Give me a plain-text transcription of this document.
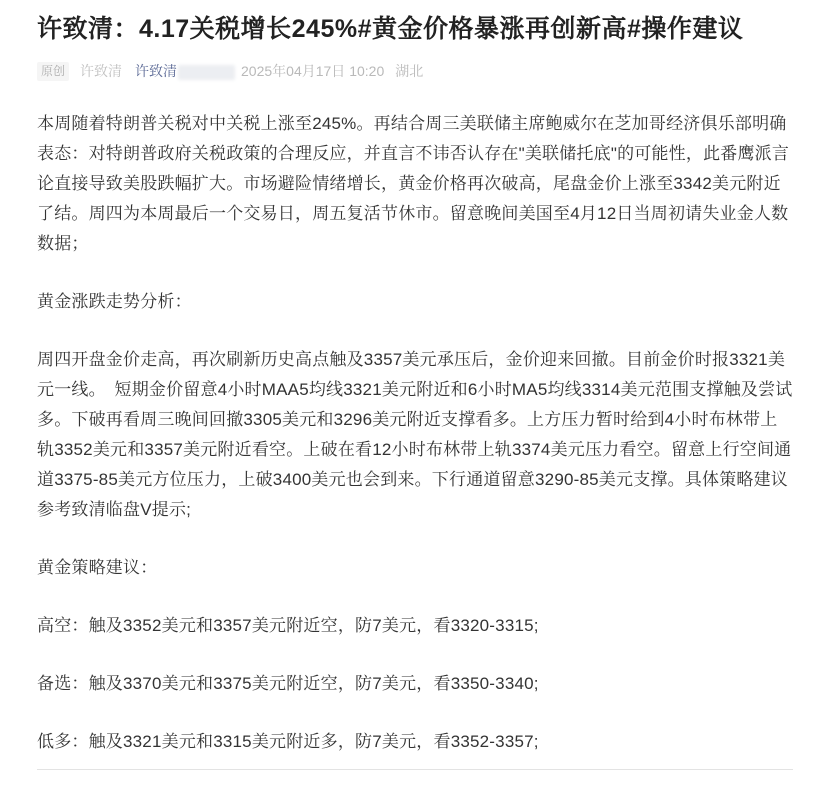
许致清：4.17关税增长245%#黄金价格暴涨再创新高#操作建议
原创 许致清 许致清	2025年04月17日 10:20 湖北

本周随着特朗普关税对中关税上涨至245%。再结合周三美联储主席鲍威尔在芝加哥经济俱乐部明确表态：对特朗普政府关税政策的合理反应，并直言不讳否认存在"美联储托底"的可能性，此番鹰派言论直接导致美股跌幅扩大。市场避险情绪增长，黄金价格再次破高，尾盘金价上涨至3342美元附近了结。周四为本周最后一个交易日，周五复活节休市。留意晚间美国至4月12日当周初请失业金人数数据；

黄金涨跌走势分析：

周四开盘金价走高，再次刷新历史高点触及3357美元承压后，金价迎来回撤。目前金价时报3321美元一线。　短期金价留意4小时MAA5均线3321美元附近和6小时MA5均线3314美元范围支撑触及尝试多。下破再看周三晚间回撤3305美元和3296美元附近支撑看多。上方压力暂时给到4小时布林带上轨3352美元和3357美元附近看空。上破在看12小时布林带上轨3374美元压力看空。留意上行空间通道3375-85美元方位压力，上破3400美元也会到来。下行通道留意3290-85美元支撑。具体策略建议参考致清临盘V提示;

黄金策略建议：

高空：触及3352美元和3357美元附近空，防7美元，看3320-3315;

备选：触及3370美元和3375美元附近空，防7美元，看3350-3340;

低多：触及3321美元和3315美元附近多，防7美元，看3352-3357;
